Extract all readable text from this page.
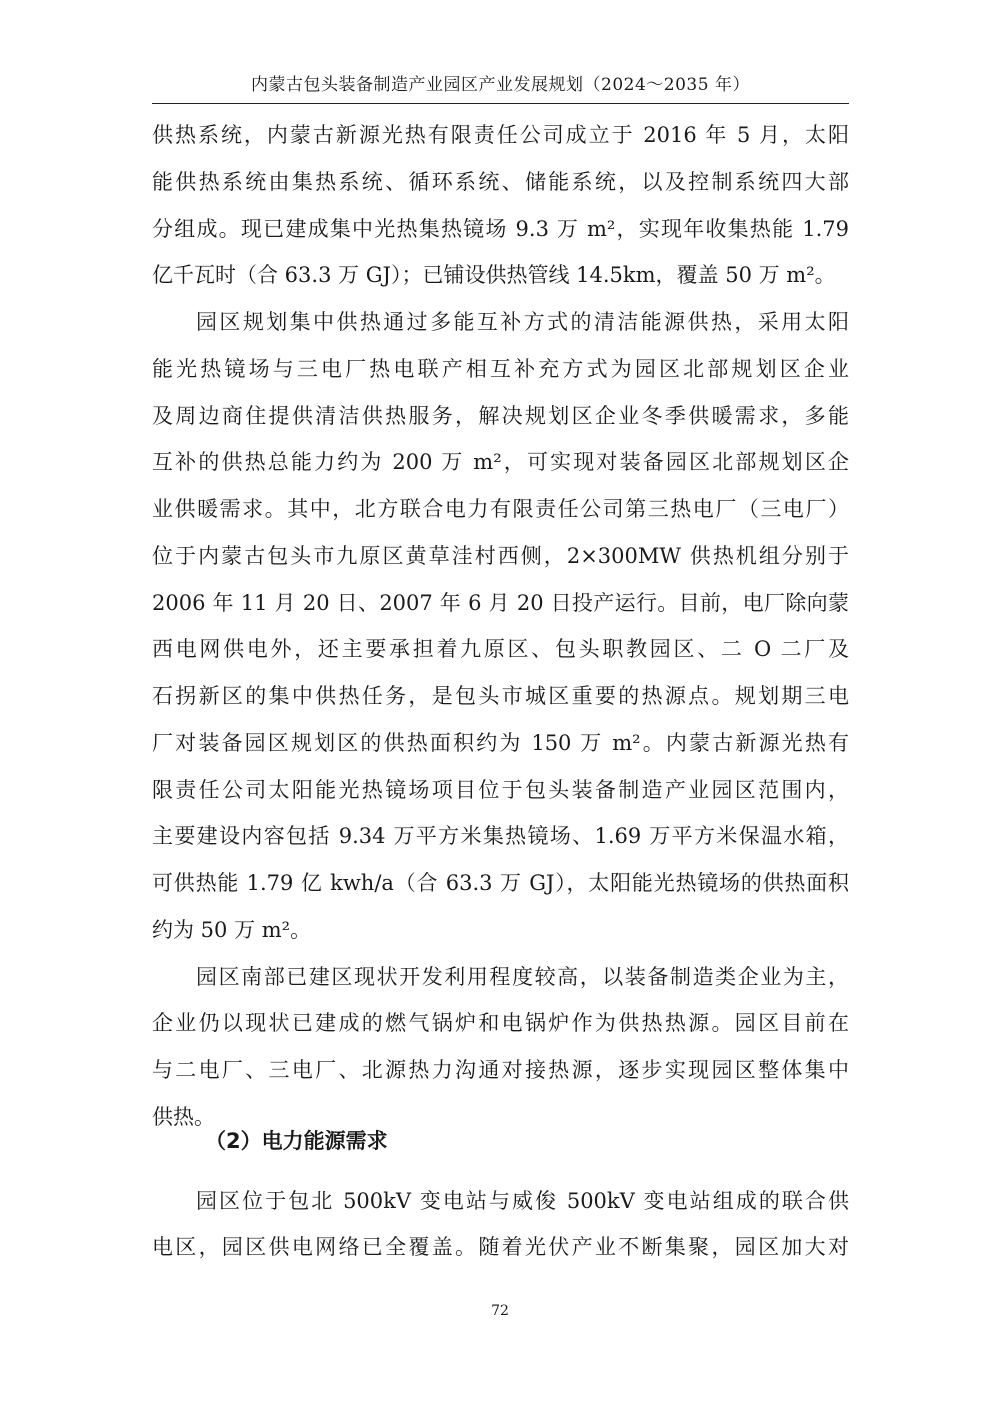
内蒙古包头装备制造产业园区产业发展规划（2024～2035 年）
供热系统，内蒙古新源光热有限责任公司成立于 2016 年 5 月，太阳
能供热系统由集热系统、循环系统、储能系统，以及控制系统四大部
分组成。现已建成集中光热集热镜场 9.3 万 m²，实现年收集热能 1.79
亿千瓦时（合 63.3 万 GJ）；已铺设供热管线 14.5km，覆盖 50 万 m²。
园区规划集中供热通过多能互补方式的清洁能源供热，采用太阳
能光热镜场与三电厂热电联产相互补充方式为园区北部规划区企业
及周边商住提供清洁供热服务，解决规划区企业冬季供暖需求，多能
互补的供热总能力约为 200 万 m²，可实现对装备园区北部规划区企
业供暖需求。其中，北方联合电力有限责任公司第三热电厂（三电厂）
位于内蒙古包头市九原区黄草洼村西侧，2×300MW 供热机组分别于
2006 年 11 月 20 日、2007 年 6 月 20 日投产运行。目前，电厂除向蒙
西电网供电外，还主要承担着九原区、包头职教园区、二 O 二厂及
石拐新区的集中供热任务，是包头市城区重要的热源点。规划期三电
厂对装备园区规划区的供热面积约为 150 万 m²。内蒙古新源光热有
限责任公司太阳能光热镜场项目位于包头装备制造产业园区范围内，
主要建设内容包括 9.34 万平方米集热镜场、1.69 万平方米保温水箱，
可供热能 1.79 亿 kwh/a（合 63.3 万 GJ），太阳能光热镜场的供热面积
约为 50 万 m²。
园区南部已建区现状开发利用程度较高，以装备制造类企业为主，
企业仍以现状已建成的燃气锅炉和电锅炉作为供热热源。园区目前在
与二电厂、三电厂、北源热力沟通对接热源，逐步实现园区整体集中
供热。
（2）电力能源需求
园区位于包北 500kV 变电站与威俊 500kV 变电站组成的联合供
电区，园区供电网络已全覆盖。随着光伏产业不断集聚，园区加大对
72
